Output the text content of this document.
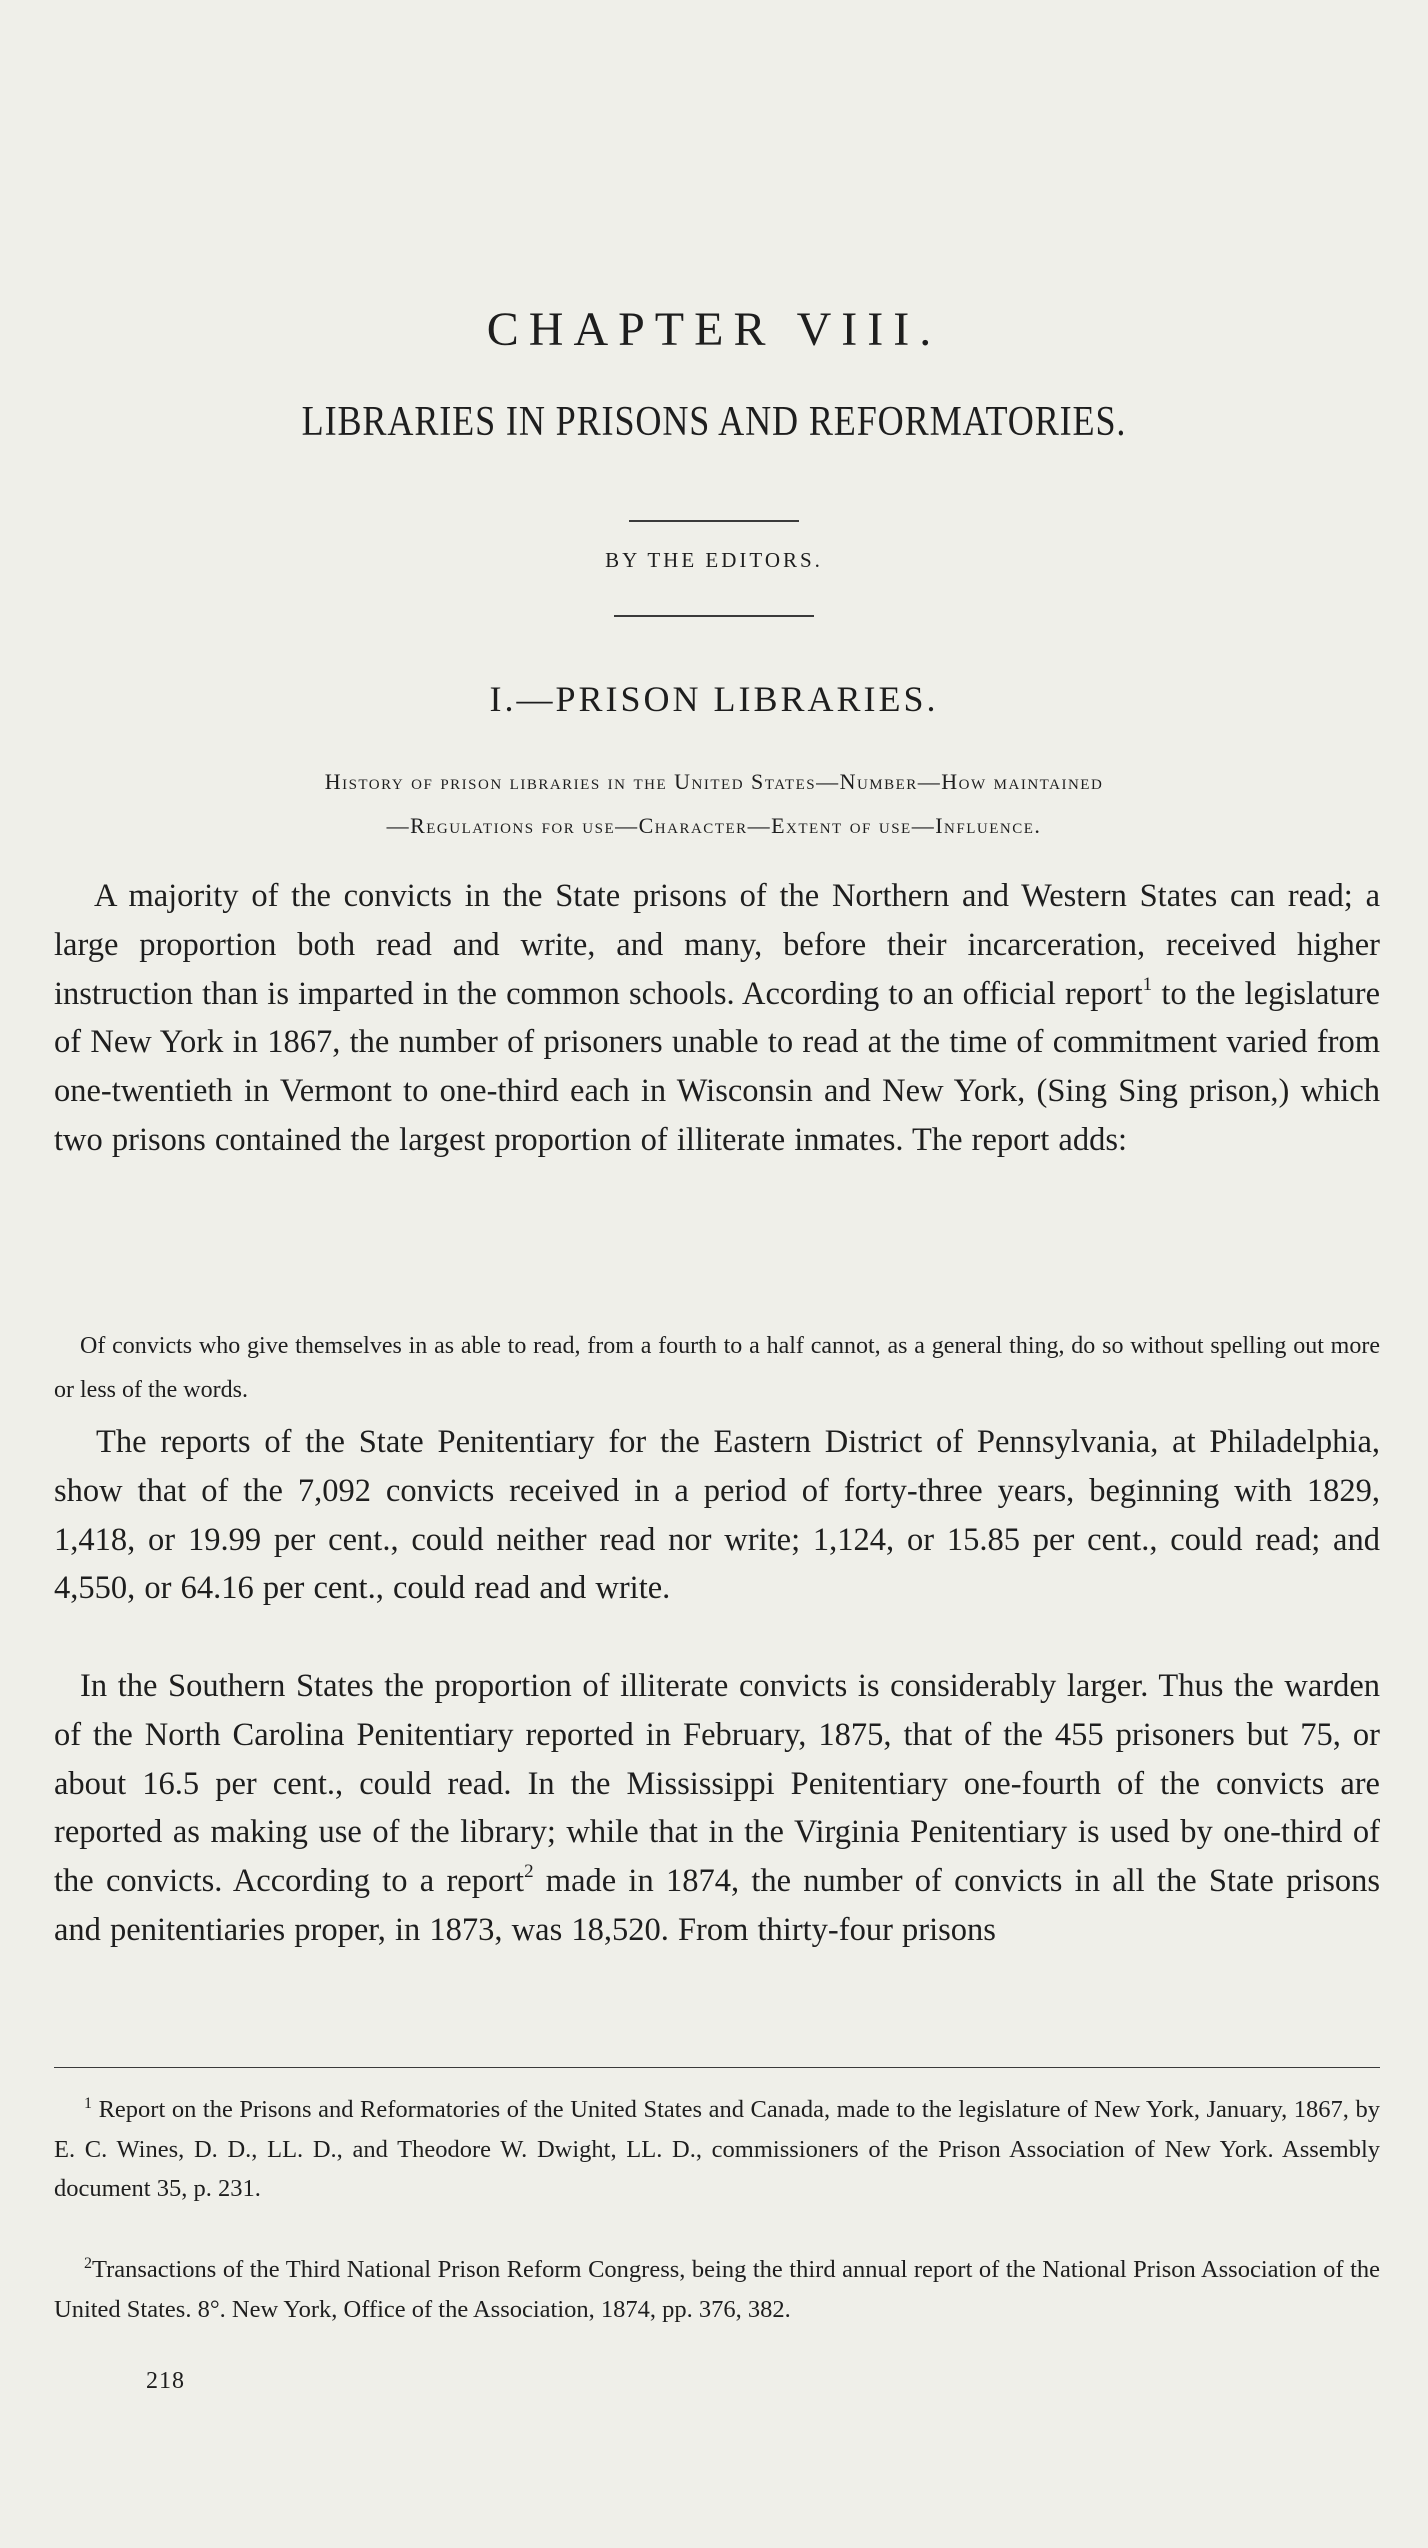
CHAPTER VIII.
LIBRARIES IN PRISONS AND REFORMATORIES.
BY THE EDITORS.
I.—PRISON LIBRARIES.
History of prison libraries in the United States—Number—How maintained
—Regulations for use—Character—Extent of use—Influence.
A majority of the convicts in the State prisons of the Northern and Western States can read; a large proportion both read and write, and many, before their incarceration, received higher instruction than is imparted in the common schools. According to an official report$^1$ to the legislature of New York in 1867, the number of prisoners unable to read at the time of commitment varied from one-twentieth in Vermont to one-third each in Wisconsin and New York, (Sing Sing prison,) which two prisons contained the largest proportion of illiterate inmates. The report adds:
Of convicts who give themselves in as able to read, from a fourth to a half cannot, as a general thing, do so without spelling out more or less of the words.
The reports of the State Penitentiary for the Eastern District of Pennsylvania, at Philadelphia, show that of the 7,092 convicts received in a period of forty-three years, beginning with 1829, 1,418, or 19.99 per cent., could neither read nor write; 1,124, or 15.85 per cent., could read; and 4,550, or 64.16 per cent., could read and write.
In the Southern States the proportion of illiterate convicts is considerably larger. Thus the warden of the North Carolina Penitentiary reported in February, 1875, that of the 455 prisoners but 75, or about 16.5 per cent., could read. In the Mississippi Penitentiary one-fourth of the convicts are reported as making use of the library; while that in the Virginia Penitentiary is used by one-third of the convicts. According to a report$^2$ made in 1874, the number of convicts in all the State prisons and penitentiaries proper, in 1873, was 18,520. From thirty-four prisons
$^1$ Report on the Prisons and Reformatories of the United States and Canada, made to the legislature of New York, January, 1867, by E. C. Wines, D. D., LL. D., and Theodore W. Dwight, LL. D., commissioners of the Prison Association of New York. Assembly document 35, p. 231.
$^2$Transactions of the Third National Prison Reform Congress, being the third annual report of the National Prison Association of the United States. 8°. New York, Office of the Association, 1874, pp. 376, 382.
218
